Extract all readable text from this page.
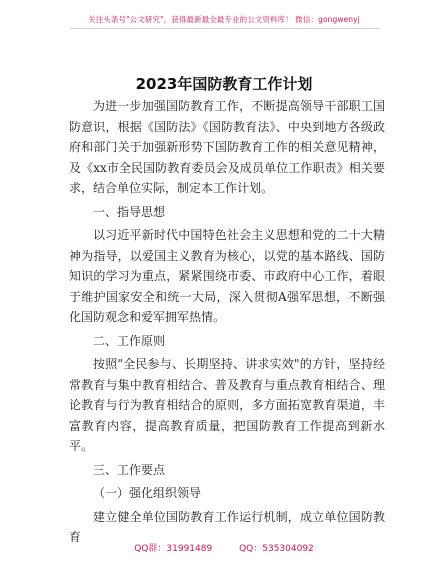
关注头条号"公文研究"，获得最新最全最专业的公文资料库！ 微信：gongwenyj
2023年国防教育工作计划

为进一步加强国防教育工作，不断提高领导干部职工国防意识，根据《国防法》《国防教育法》、中央到地方各级政府和部门关于加强新形势下国防教育工作的相关意见精神，及《xx市全民国防教育委员会及成员单位工作职责》相关要求，结合单位实际，制定本工作计划。

一、指导思想

以习近平新时代中国特色社会主义思想和党的二十大精神为指导，以爱国主义教育为核心，以党的基本路线、国防知识的学习为重点，紧紧围绕市委、市政府中心工作，着眼于维护国家安全和统一大局，深入贯彻A强军思想，不断强化国防观念和爱军拥军热情。

二、工作原则

按照"全民参与、长期坚持、讲求实效"的方针，坚持经常教育与集中教育相结合、普及教育与重点教育相结合、理论教育与行为教育相结合的原则，多方面拓宽教育渠道，丰富教育内容，提高教育质量，把国防教育工作提高到新水平。

三、工作要点

（一）强化组织领导

建立健全单位国防教育工作运行机制，成立单位国防教育

QQ群：31991489	QQ：535304092
